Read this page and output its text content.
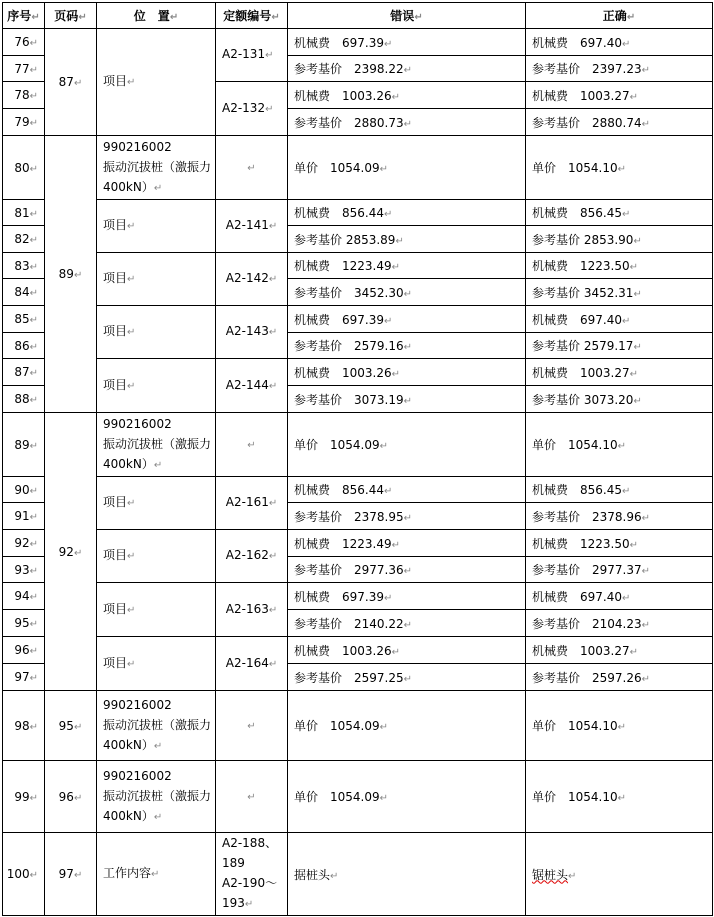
序号↵	页码↵	位　置↵	定额编号↵	错误↵	正确↵
76↵	87↵	项目↵	A2-131↵	机械费　697.39↵	机械费　697.40↵
77↵				参考基价　2398.22↵	参考基价　2397.23↵
78↵			A2-132↵	机械费　1003.26↵	机械费　1003.27↵
79↵				参考基价　2880.73↵	参考基价　2880.74↵
80↵	89↵	990216002
振动沉拔桩（激振力 400kN）↵	↵	单价　1054.09↵	单价　1054.10↵
81↵		项目↵	A2-141↵	机械费　856.44↵	机械费　856.45↵
82↵				参考基价 2853.89↵	参考基价 2853.90↵
83↵		项目↵	A2-142↵	机械费　1223.49↵	机械费　1223.50↵
84↵				参考基价　3452.30↵	参考基价 3452.31↵
85↵		项目↵	A2-143↵	机械费　697.39↵	机械费　697.40↵
86↵				参考基价　2579.16↵	参考基价 2579.17↵
87↵		项目↵	A2-144↵	机械费　1003.26↵	机械费　1003.27↵
88↵				参考基价　3073.19↵	参考基价 3073.20↵
89↵	92↵	990216002
振动沉拔桩（激振力 400kN）↵	↵	单价　1054.09↵	单价　1054.10↵
90↵		项目↵	A2-161↵	机械费　856.44↵	机械费　856.45↵
91↵				参考基价　2378.95↵	参考基价　2378.96↵
92↵		项目↵	A2-162↵	机械费　1223.49↵	机械费　1223.50↵
93↵				参考基价　2977.36↵	参考基价　2977.37↵
94↵		项目↵	A2-163↵	机械费　697.39↵	机械费　697.40↵
95↵				参考基价　2140.22↵	参考基价　2104.23↵
96↵		项目↵	A2-164↵	机械费　1003.26↵	机械费　1003.27↵
97↵				参考基价　2597.25↵	参考基价　2597.26↵
98↵	95↵	990216002
振动沉拔桩（激振力 400kN）↵	↵	单价　1054.09↵	单价　1054.10↵
99↵	96↵	990216002
振动沉拔桩（激振力 400kN）↵	↵	单价　1054.09↵	单价　1054.10↵
100↵	97↵	工作内容↵	A2-188、189
A2-190～193↵	据桩头↵	锯桩头↵
